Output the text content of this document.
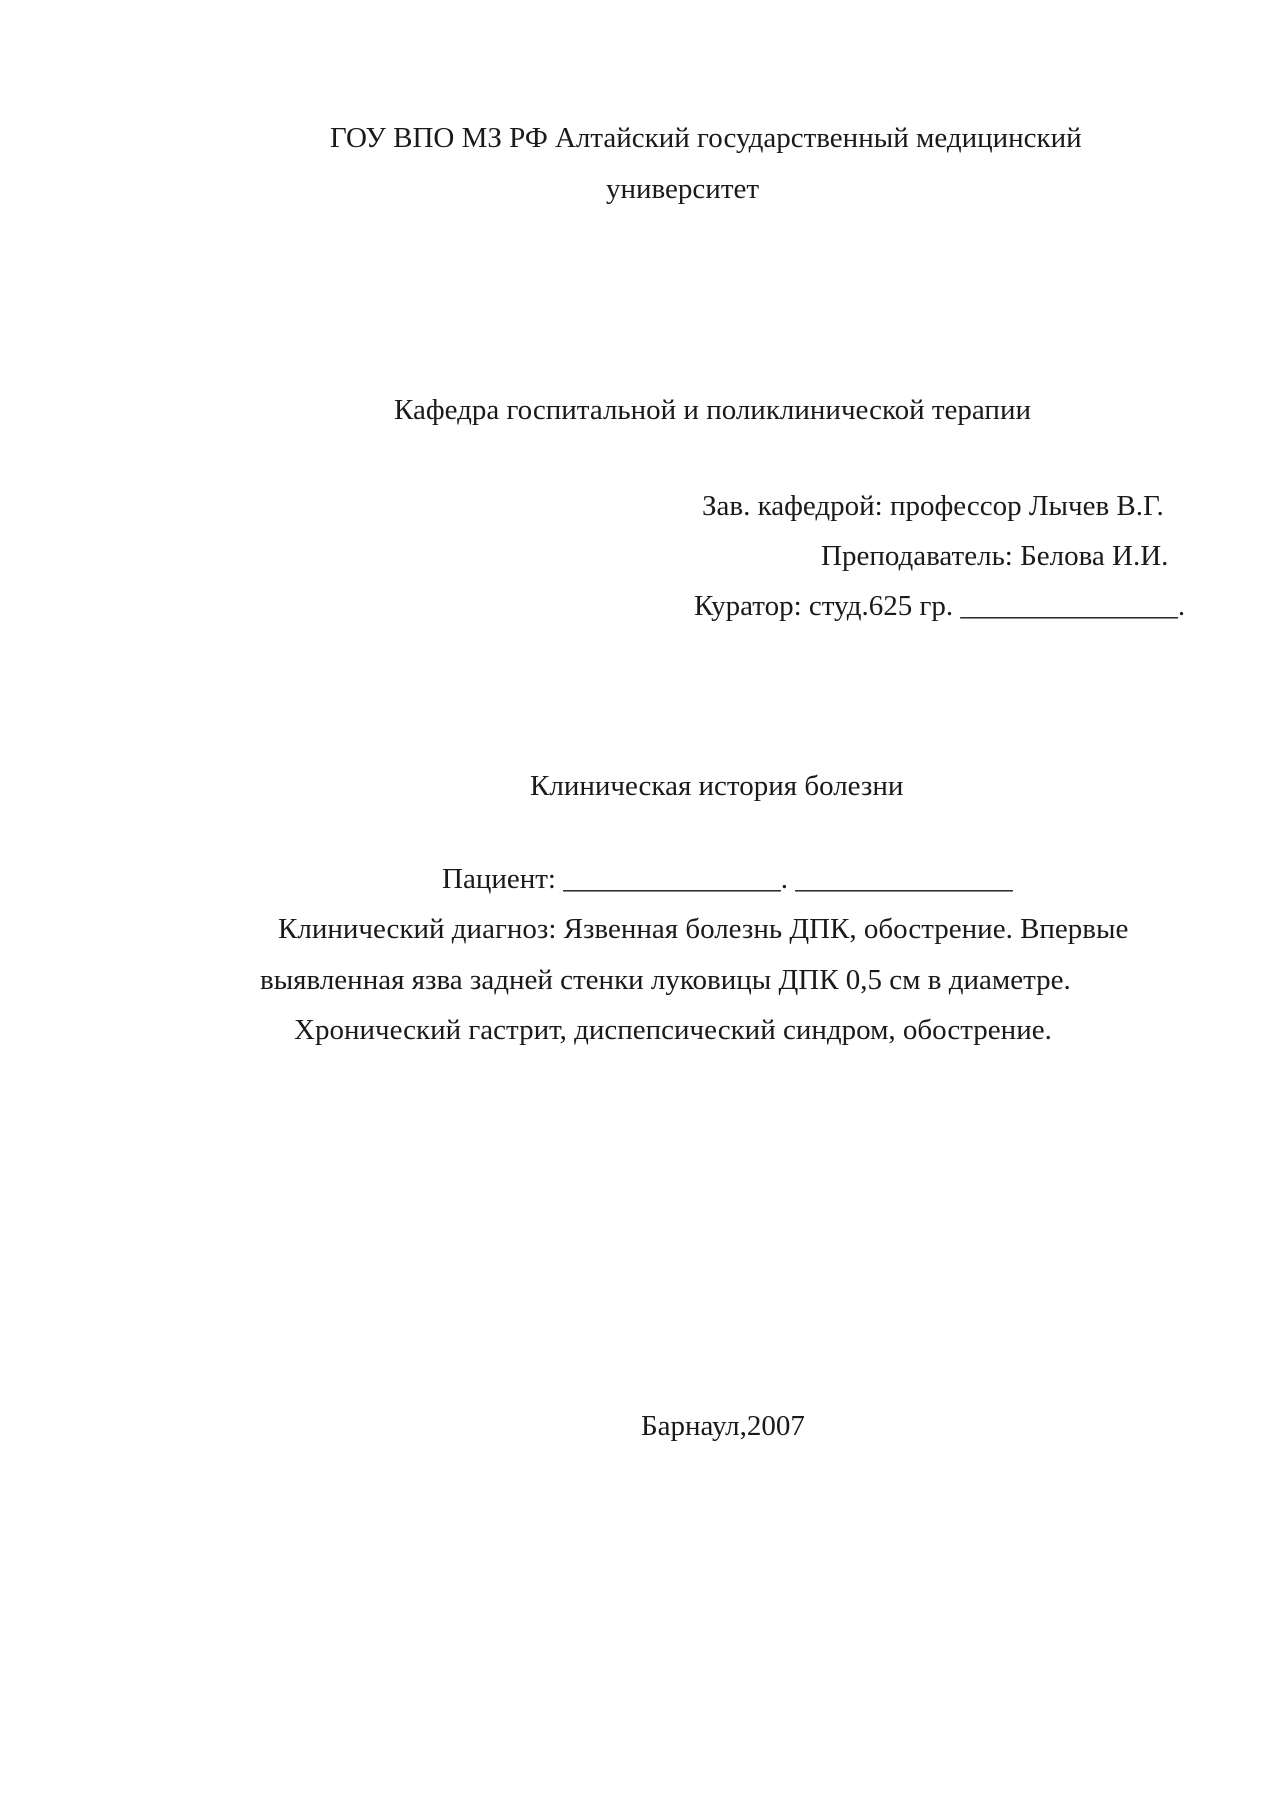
ГОУ ВПО МЗ РФ Алтайский государственный медицинский
университет
Кафедра госпитальной и поликлинической терапии
Зав. кафедрой: профессор Лычев В.Г.
Преподаватель: Белова И.И.
Куратор: студ.625 гр. _______________.
Клиническая история болезни
Пациент: _______________. _______________
Клинический диагноз: Язвенная болезнь ДПК, обострение. Впервые
выявленная язва задней стенки луковицы ДПК 0,5 см в диаметре.
Хронический гастрит, диспепсический синдром, обострение.
Барнаул,2007
